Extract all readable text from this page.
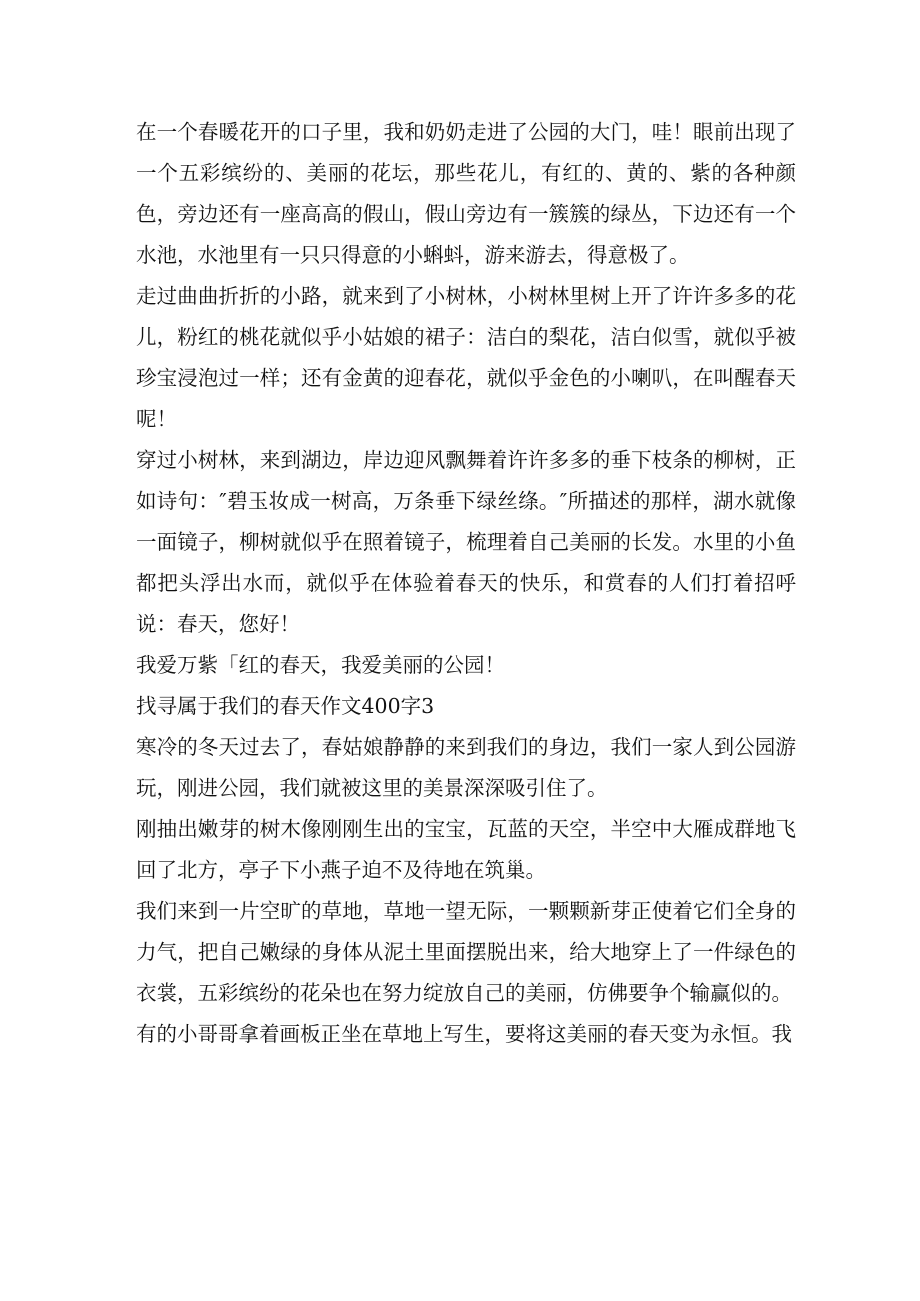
在一个春暖花开的口子里，我和奶奶走进了公园的大门，哇！眼前出现了一个五彩缤纷的、美丽的花坛，那些花儿，有红的、黄的、紫的各种颜色，旁边还有一座高高的假山，假山旁边有一簇簇的绿丛，下边还有一个水池，水池里有一只只得意的小蝌蚪，游来游去，得意极了。

走过曲曲折折的小路，就来到了小树林，小树林里树上开了许许多多的花儿，粉红的桃花就似乎小姑娘的裙子：洁白的梨花，洁白似雪，就似乎被珍宝浸泡过一样；还有金黄的迎春花，就似乎金色的小喇叭，在叫醒春天呢！

穿过小树林，来到湖边，岸边迎风飘舞着许许多多的垂下枝条的柳树，正如诗句：″碧玉妆成一树高，万条垂下绿丝绦。″所描述的那样，湖水就像一面镜子，柳树就似乎在照着镜子，梳理着自己美丽的长发。水里的小鱼都把头浮出水而，就似乎在体验着春天的快乐，和赏春的人们打着招呼说：春天，您好！

我爱万紫「红的春天，我爱美丽的公园！

找寻属于我们的春天作文400字3

寒冷的冬天过去了，春姑娘静静的来到我们的身边，我们一家人到公园游玩，刚进公园，我们就被这里的美景深深吸引住了。

刚抽出嫩芽的树木像刚刚生出的宝宝，瓦蓝的天空，半空中大雁成群地飞回了北方，亭子下小燕子迫不及待地在筑巢。

我们来到一片空旷的草地，草地一望无际，一颗颗新芽正使着它们全身的力气，把自己嫩绿的身体从泥土里面摆脱出来，给大地穿上了一件绿色的衣裳，五彩缤纷的花朵也在努力绽放自己的美丽，仿佛要争个输赢似的。

有的小哥哥拿着画板正坐在草地上写生，要将这美丽的春天变为永恒。我
